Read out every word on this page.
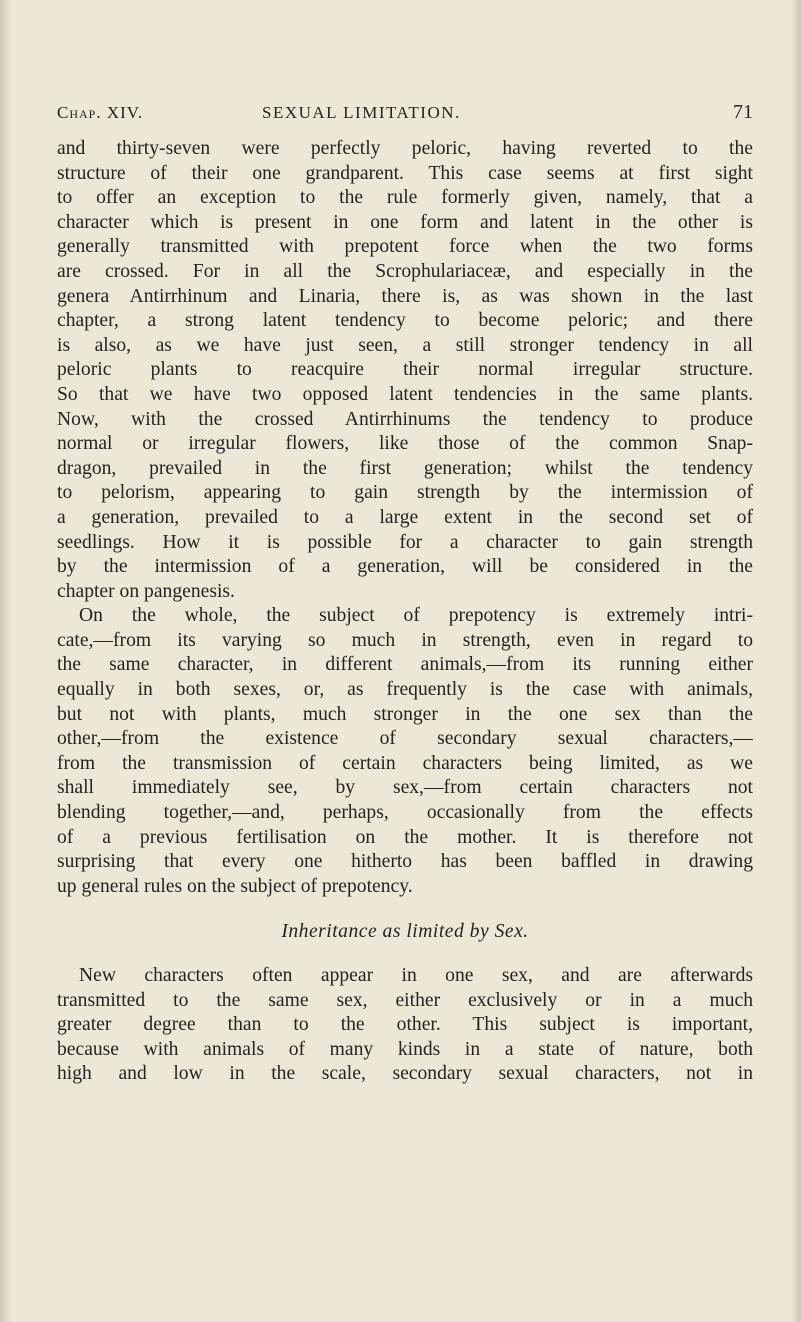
Chap. XIV.	SEXUAL LIMITATION.	71
and thirty-seven were perfectly peloric, having reverted to the
structure of their one grandparent. This case seems at first sight
to offer an exception to the rule formerly given, namely, that a
character which is present in one form and latent in the other is
generally transmitted with prepotent force when the two forms
are crossed. For in all the Scrophulariaceæ, and especially in the
genera Antirrhinum and Linaria, there is, as was shown in the last
chapter, a strong latent tendency to become peloric; and there
is also, as we have just seen, a still stronger tendency in all
peloric plants to reacquire their normal irregular structure.
So that we have two opposed latent tendencies in the same plants.
Now, with the crossed Antirrhinums the tendency to produce
normal or irregular flowers, like those of the common Snap-
dragon, prevailed in the first generation; whilst the tendency
to pelorism, appearing to gain strength by the intermission of
a generation, prevailed to a large extent in the second set of
seedlings. How it is possible for a character to gain strength
by the intermission of a generation, will be considered in the
chapter on pangenesis.
On the whole, the subject of prepotency is extremely intri-
cate,—from its varying so much in strength, even in regard to
the same character, in different animals,—from its running either
equally in both sexes, or, as frequently is the case with animals,
but not with plants, much stronger in the one sex than the
other,—from the existence of secondary sexual characters,—
from the transmission of certain characters being limited, as we
shall immediately see, by sex,—from certain characters not
blending together,—and, perhaps, occasionally from the effects
of a previous fertilisation on the mother. It is therefore not
surprising that every one hitherto has been baffled in drawing
up general rules on the subject of prepotency.
Inheritance as limited by Sex.
New characters often appear in one sex, and are afterwards
transmitted to the same sex, either exclusively or in a much
greater degree than to the other. This subject is important,
because with animals of many kinds in a state of nature, both
high and low in the scale, secondary sexual characters, not in
